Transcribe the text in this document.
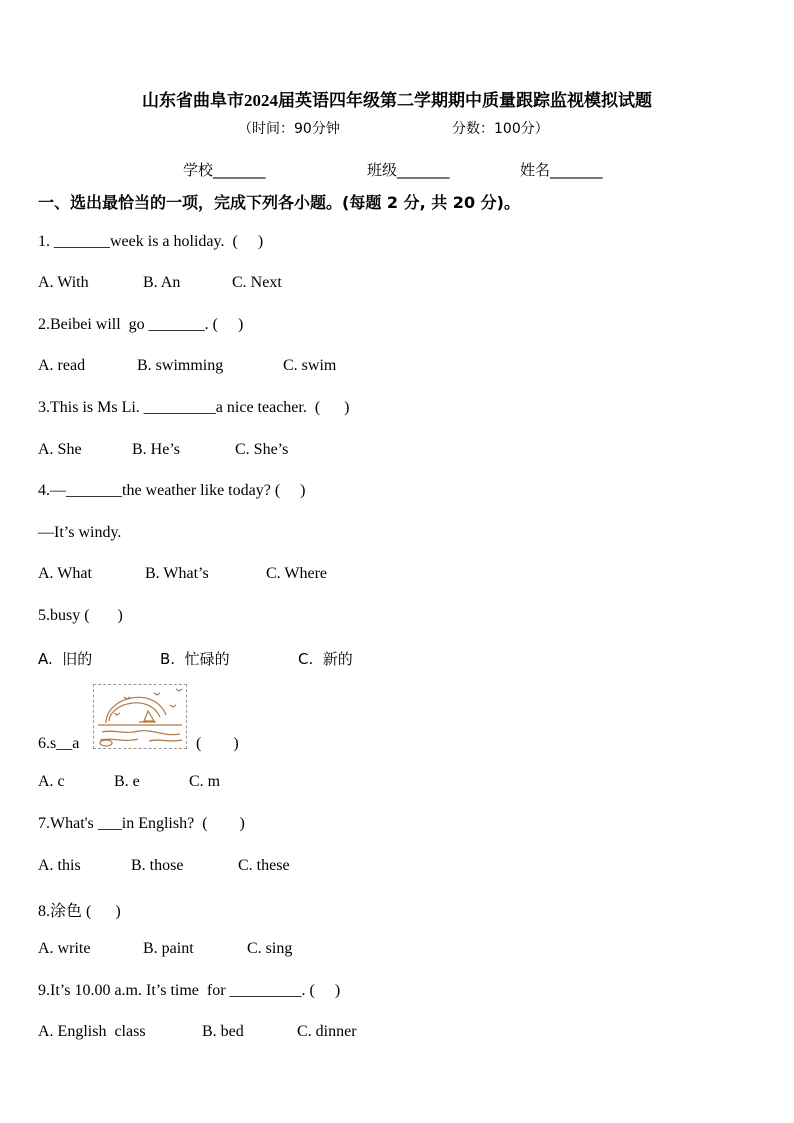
山东省曲阜市2024届英语四年级第二学期期中质量跟踪监视模拟试题
（时间：90分钟	分数：100分）
学校_______	班级_______	姓名_______
一、选出最恰当的一项，完成下列各小题。(每题 2 分, 共 20 分)。
1. _______week is a holiday.  (     )
A. With	B. An	C. Next
2.Beibei will  go _______. (     )
A. read	B. swimming	C. swim
3.This is Ms Li. _________a nice teacher.  (      )
A. She	B. He’s	C. She’s
4.—_______the weather like today? (     )
—It’s windy.
A. What	B. What’s	C. Where
5.busy (       )
A.  旧的	B.  忙碌的	C.  新的
6.s__a	(        )
A. c	B. e	C. m
7.What's ___in English?  (        )
A. this	B. those	C. these
8.涂色 (      )
A. write	B. paint	C. sing
9.It’s 10.00 a.m. It’s time  for _________. (     )
A. English  class	B. bed	C. dinner
